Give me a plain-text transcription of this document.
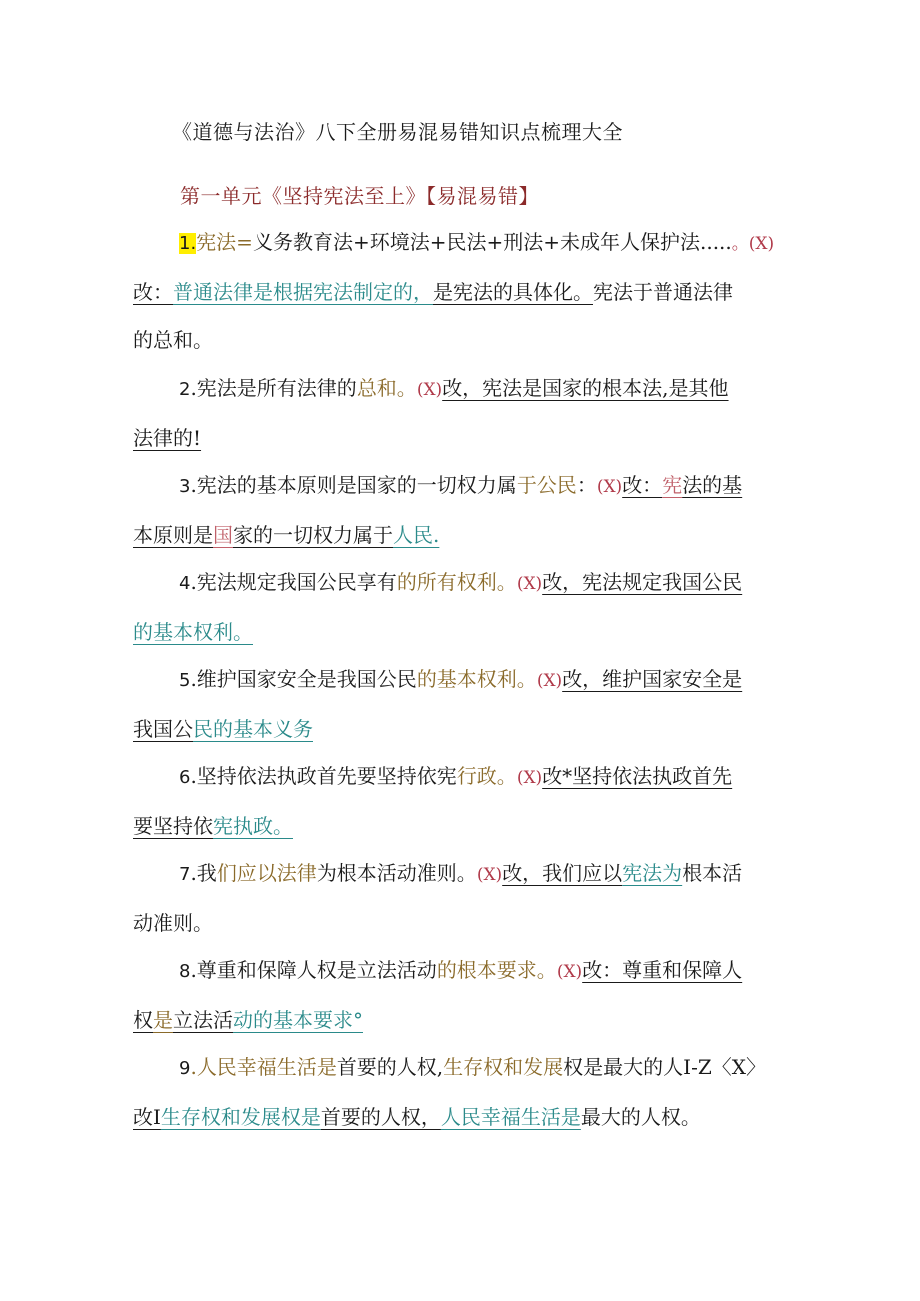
《道德与法治》八下全册易混易错知识点梳理大全
第一单元《坚持宪法至上》【易混易错】
1.宪法=义务教育法+环境法+民法+刑法+未成年人保护法.....。(X)
改：普通法律是根据宪法制定的，是宪法的具体化。宪法于普通法律
的总和。
2.宪法是所有法律的总和。(X)改，宪法是国家的根本法,是其他
法律的!
3.宪法的基本原则是国家的一切权力属于公民：(X)改：宪法的基
本原则是国家的一切权力属于人民.
4.宪法规定我国公民享有的所有权利。(X)改，宪法规定我国公民
的基本权利。
5.维护国家安全是我国公民的基本权利。(X)改，维护国家安全是
我国公民的基本义务
6.坚持依法执政首先要坚持依宪行政。(X)改*坚持依法执政首先
要坚持依宪执政。
7.我们应以法律为根本活动准则。(X)改，我们应以宪法为根本活
动准则。
8.尊重和保障人权是立法活动的根本要求。(X)改：尊重和保障人
权是立法活动的基本要求°
9.人民幸福生活是首要的人权,生存权和发展权是最大的人I-Z〈X〉
改I生存权和发展权是首要的人权，人民幸福生活是最大的人权。
